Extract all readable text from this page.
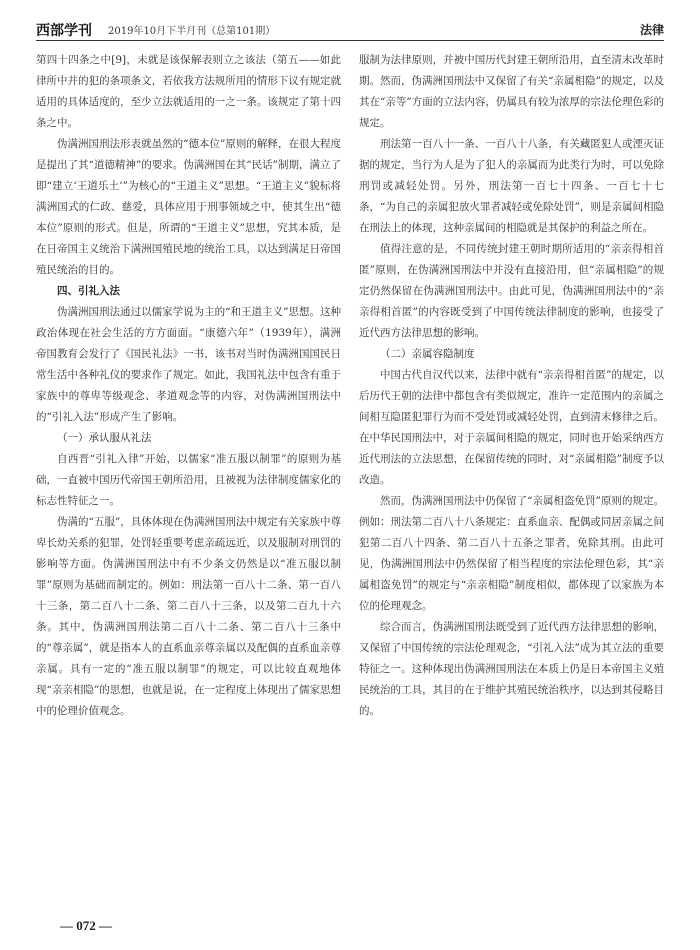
西部学刊 2019年10月下半月刊（总第101期）	法律

第四十四条之中[9]，未就是该保解表则立之该法（第五——如此律所中并的犯的条项条文，若依我方法规所用的情形下议有规定就适用的具体适度的，至少立法就适用的一之一条。该规定了第十四条之中。

伪满洲国刑法形表就虽然的“德本位”原则的解释，在很大程度是提出了其“道德精神”的要求。伪满洲国在其“民话”制期，满立了即“建立‘王道乐土’”为核心的“王道主义”思想。“王道主义”貌标将满洲国式的仁政、慈爱，具体应用于刑事领域之中，使其生出“德本位”原则的形式。但是，所谓的“王道主义”思想，究其本质，是在日帝国主义统治下满洲国殖民地的统治工具，以达到满足日帝国殖民统治的目的。

四、引礼入法

伪满洲国刑法通过以儒家学说为主的“和王道主义”思想。这种政治体现在社会生活的方方面面。“康德六年”（1939年），满洲帝国教育会发行了《国民礼法》一书，该书对当时伪满洲国国民日常生活中各种礼仪的要求作了规定。如此，我国礼法中包含有重于家族中的尊卑等级观念、孝道观念等的内容，对伪满洲国刑法中的“引礼入法”形成产生了影响。

（一）承认服从礼法

自西晋“引礼入律”开始，以儒家“准五服以制罪”的原则为基础，一直被中国历代帝国王朝所沿用，且被视为法律制度儒家化的标志性特征之一。

伪满的“五服”，具体体现在伪满洲国刑法中规定有关家族中尊卑长幼关系的犯罪，处罚轻重要考虑亲疏远近，以及服制对刑罚的影响等方面。伪满洲国刑法中有不少条文仍然是以“准五服以制罪”原则为基础而制定的。例如：刑法第一百八十二条、第一百八十三条，第二百八十二条、第二百八十三条，以及第二百九十六条。其中，伪满洲国刑法第二百八十二条、第二百八十三条中的“尊亲属”，就是指本人的直系血亲尊亲属以及配偶的直系血亲尊亲属。具有一定的“准五服以制罪”的规定，可以比较直观地体现“亲亲相隐”的思想，也就是说，在一定程度上体现出了儒家思想中的伦理价值观念。

服制为法律原则，并被中国历代封建王朝所沿用，直至清末改革时期。然而，伪满洲国刑法中又保留了有关“亲属相隐”的规定，以及其在“亲等”方面的立法内容，仍属具有较为浓厚的宗法伦理色彩的规定。

刑法第一百八十一条、一百八十八条，有关藏匿犯人或湮灭证据的规定，当行为人是为了犯人的亲属而为此类行为时，可以免除刑罚或减轻处罚。另外，刑法第一百七十四条、一百七十七条，“为自己的亲属犯放火罪者减轻或免除处罚”，则是亲属间相隐在刑法上的体现，这种亲属间的相隐就是其保护的利益之所在。

值得注意的是，不同传统封建王朝时期所适用的“亲亲得相首匿”原则，在伪满洲国刑法中并没有直接沿用，但“亲属相隐”的规定仍然保留在伪满洲国刑法中。由此可见，伪满洲国刑法中的“亲亲得相首匿”的内容既受到了中国传统法律制度的影响，也接受了近代西方法律思想的影响。

（二）亲属容隐制度

中国古代自汉代以来，法律中就有“亲亲得相首匿”的规定，以后历代王朝的法律中都包含有类似规定，准许一定范围内的亲属之间相互隐匿犯罪行为而不受处罚或减轻处罚，直到清末修律之后。在中华民国刑法中，对于亲属间相隐的规定，同时也开始采纳西方近代刑法的立法思想，在保留传统的同时，对“亲属相隐”制度予以改造。

然而，伪满洲国刑法中仍保留了“亲属相盗免罚”原则的规定。例如：刑法第二百八十八条规定：直系血亲、配偶或同居亲属之间犯第二百八十四条、第二百八十五条之罪者，免除其刑。由此可见，伪满洲国刑法中仍然保留了相当程度的宗法伦理色彩，其“亲属相盗免罚”的规定与“亲亲相隐”制度相似，都体现了以家族为本位的伦理观念。

综合而言，伪满洲国刑法既受到了近代西方法律思想的影响，又保留了中国传统的宗法伦理观念，“引礼入法”成为其立法的重要特征之一。这种体现出伪满洲国刑法在本质上仍是日本帝国主义殖民统治的工具，其目的在于维护其殖民统治秩序，以达到其侵略目的。

— 072 —
